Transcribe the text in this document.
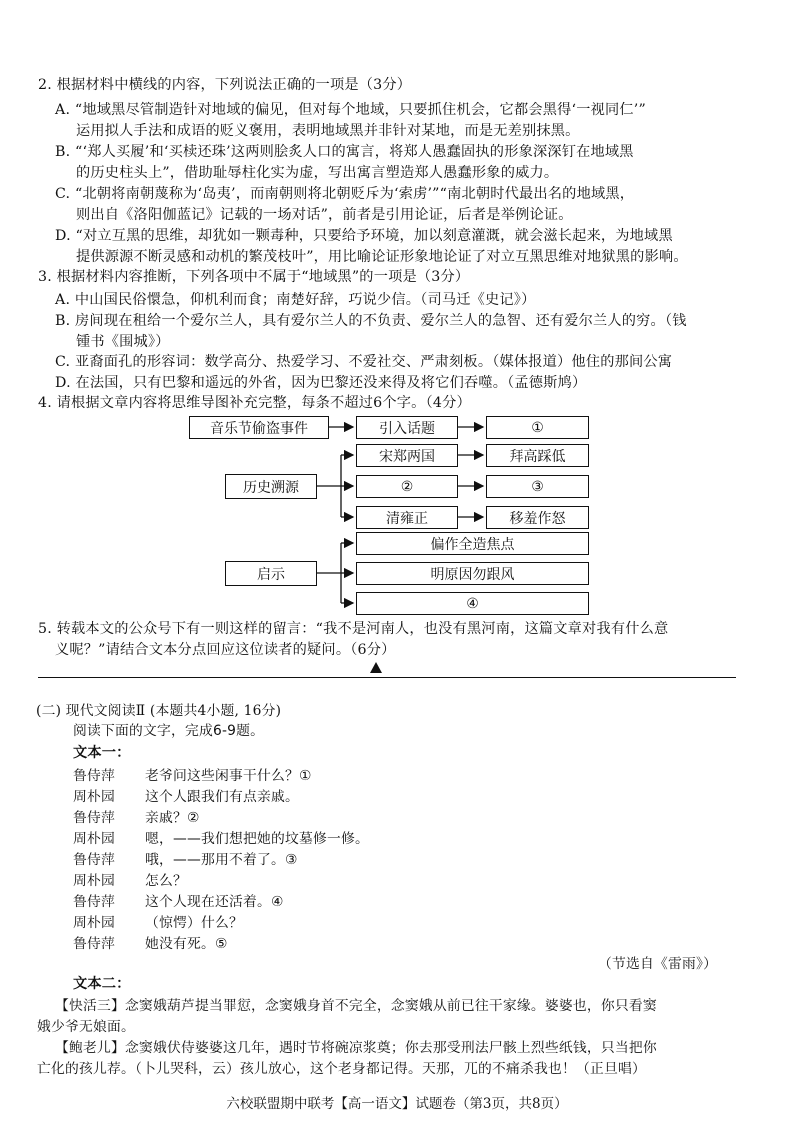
2. 根据材料中横线的内容，下列说法正确的一项是（3分）
A. “地域黑尽管制造针对地域的偏见，但对每个地域，只要抓住机会，它都会黑得‘一视同仁’”
运用拟人手法和成语的贬义褒用，表明地域黑并非针对某地，而是无差别抹黑。
B. “‘郑人买履’和‘买椟还珠’这两则脍炙人口的寓言，将郑人愚蠢固执的形象深深钉在地域黑
的历史柱头上”，借助耻辱柱化实为虚，写出寓言塑造郑人愚蠢形象的威力。
C. “北朝将南朝蔑称为‘岛夷’，而南朝则将北朝贬斥为‘索虏’”“南北朝时代最出名的地域黑，
则出自《洛阳伽蓝记》记载的一场对话”，前者是引用论证，后者是举例论证。
D. “对立互黑的思维，却犹如一颗毒种，只要给予环境，加以刻意灌溉，就会滋长起来，为地域黑
提供源源不断灵感和动机的繁茂枝叶”，用比喻论证形象地论证了对立互黑思维对地狱黑的影响。
3. 根据材料内容推断，下列各项中不属于“地域黑”的一项是（3分）
A. 中山国民俗懁急，仰机利而食；南楚好辞，巧说少信。（司马迁《史记》）
B. 房间现在租给一个爱尔兰人，具有爱尔兰人的不负责、爱尔兰人的急智、还有爱尔兰人的穷。（钱
锺书《围城》）
C. 亚裔面孔的形容词：数学高分、热爱学习、不爱社交、严肃刻板。（媒体报道）他住的那间公寓
D. 在法国，只有巴黎和遥远的外省，因为巴黎还没来得及将它们吞噬。（孟德斯鸠）
4. 请根据文章内容将思维导图补充完整，每条不超过6个字。（4分）
音乐节偷盗事件	引入话题	①
历史溯源
宋郑两国	拜高踩低
②	③
清雍正	移羞作怒
启示
偏作全造焦点
明原因勿跟风
④
5. 转载本文的公众号下有一则这样的留言：“我不是河南人，也没有黑河南，这篇文章对我有什么意
义呢？”请结合文本分点回应这位读者的疑问。（6分）
(二) 现代文阅读Ⅱ (本题共4小题, 16分)
阅读下面的文字，完成6-9题。
文本一：
鲁侍萍 老爷问这些闲事干什么？①
周朴园 这个人跟我们有点亲戚。
鲁侍萍 亲戚？②
周朴园 嗯，——我们想把她的坟墓修一修。
鲁侍萍 哦，——那用不着了。③
周朴园 怎么？
鲁侍萍 这个人现在还活着。④
周朴园 （惊愕）什么？
鲁侍萍 她没有死。⑤
（节选自《雷雨》）
文本二：
【快活三】念窦娥葫芦提当罪愆，念窦娥身首不完全，念窦娥从前已往干家缘。婆婆也，你只看窦
娥少爷无娘面。
【鲍老儿】念窦娥伏侍婆婆这几年，遇时节将碗凉浆奠；你去那受刑法尸骸上烈些纸钱，只当把你
亡化的孩儿荐。（卜儿哭科，云）孩儿放心，这个老身都记得。天那，兀的不痛杀我也！（正旦唱）
六校联盟期中联考【高一语文】试题卷（第3页，共8页）
